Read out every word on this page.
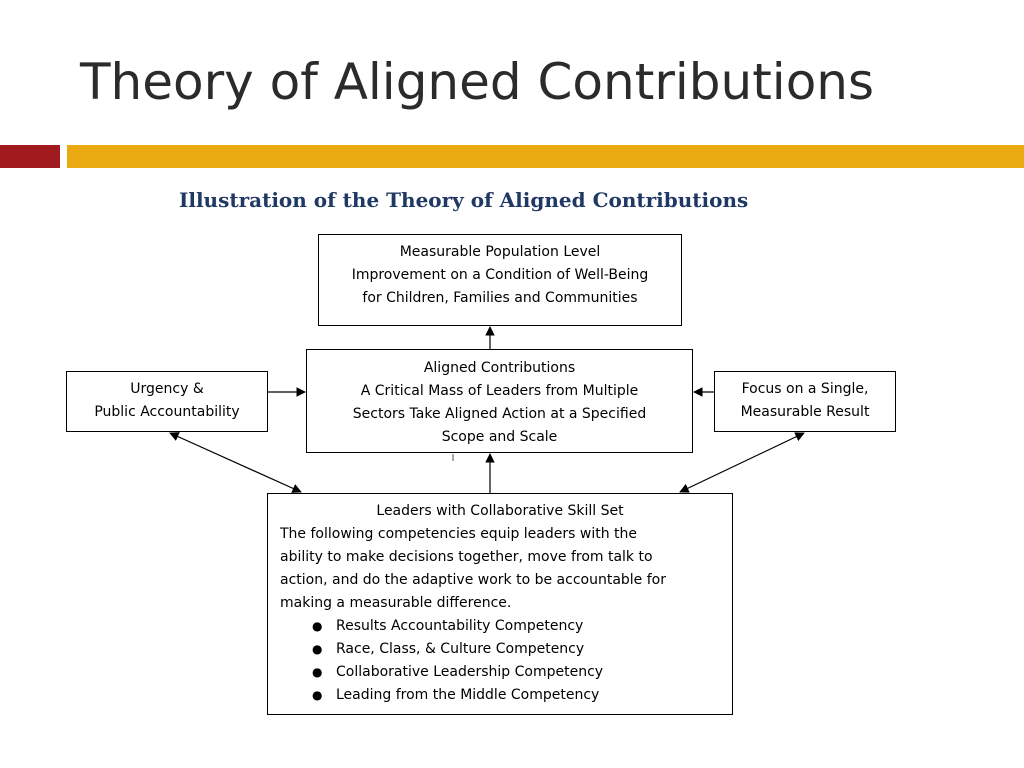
Theory of Aligned Contributions
Illustration of the Theory of Aligned Contributions
Measurable Population Level
Improvement on a Condition of Well-Being
for Children, Families and Communities
Aligned Contributions
A Critical Mass of Leaders from Multiple
Sectors Take Aligned Action at a Specified
Scope and Scale
Urgency &
Public Accountability
Focus on a Single,
Measurable Result
Leaders with Collaborative Skill Set
The following competencies equip leaders with the
ability to make decisions together, move from talk to
action, and do the adaptive work to be accountable for
making a measurable difference.
● Results Accountability Competency
● Race, Class, & Culture Competency
● Collaborative Leadership Competency
● Leading from the Middle Competency
